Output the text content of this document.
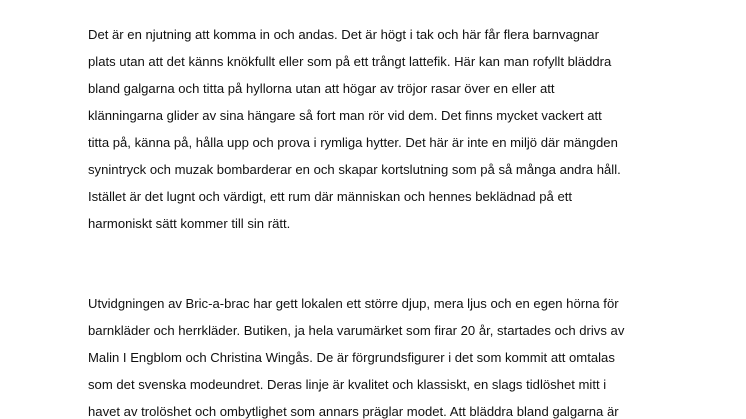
Det är en njutning att komma in och andas. Det är högt i tak och här får flera barnvagnar
plats utan att det känns knökfullt eller som på ett trångt lattefik. Här kan man rofyllt bläddra
bland galgarna och titta på hyllorna utan att högar av tröjor rasar över en eller att
klänningarna glider av sina hängare så fort man rör vid dem. Det finns mycket vackert att
titta på, känna på, hålla upp och prova i rymliga hytter. Det här är inte en miljö där mängden
synintryck och muzak bombarderar en och skapar kortslutning som på så många andra håll.
Istället är det lugnt och värdigt, ett rum där människan och hennes beklädnad på ett
harmoniskt sätt kommer till sin rätt.
Utvidgningen av Bric-a-brac har gett lokalen ett större djup, mera ljus och en egen hörna för
barnkläder och herrkläder. Butiken, ja hela varumärket som firar 20 år, startades och drivs av
Malin I Engblom och Christina Wingås. De är förgrundsfigurer i det som kommit att omtalas
som det svenska modeundret. Deras linje är kvalitet och klassiskt, en slags tidlöshet mitt i
havet av trolöshet och ombytlighet som annars präglar modet. Att bläddra bland galgarna är
